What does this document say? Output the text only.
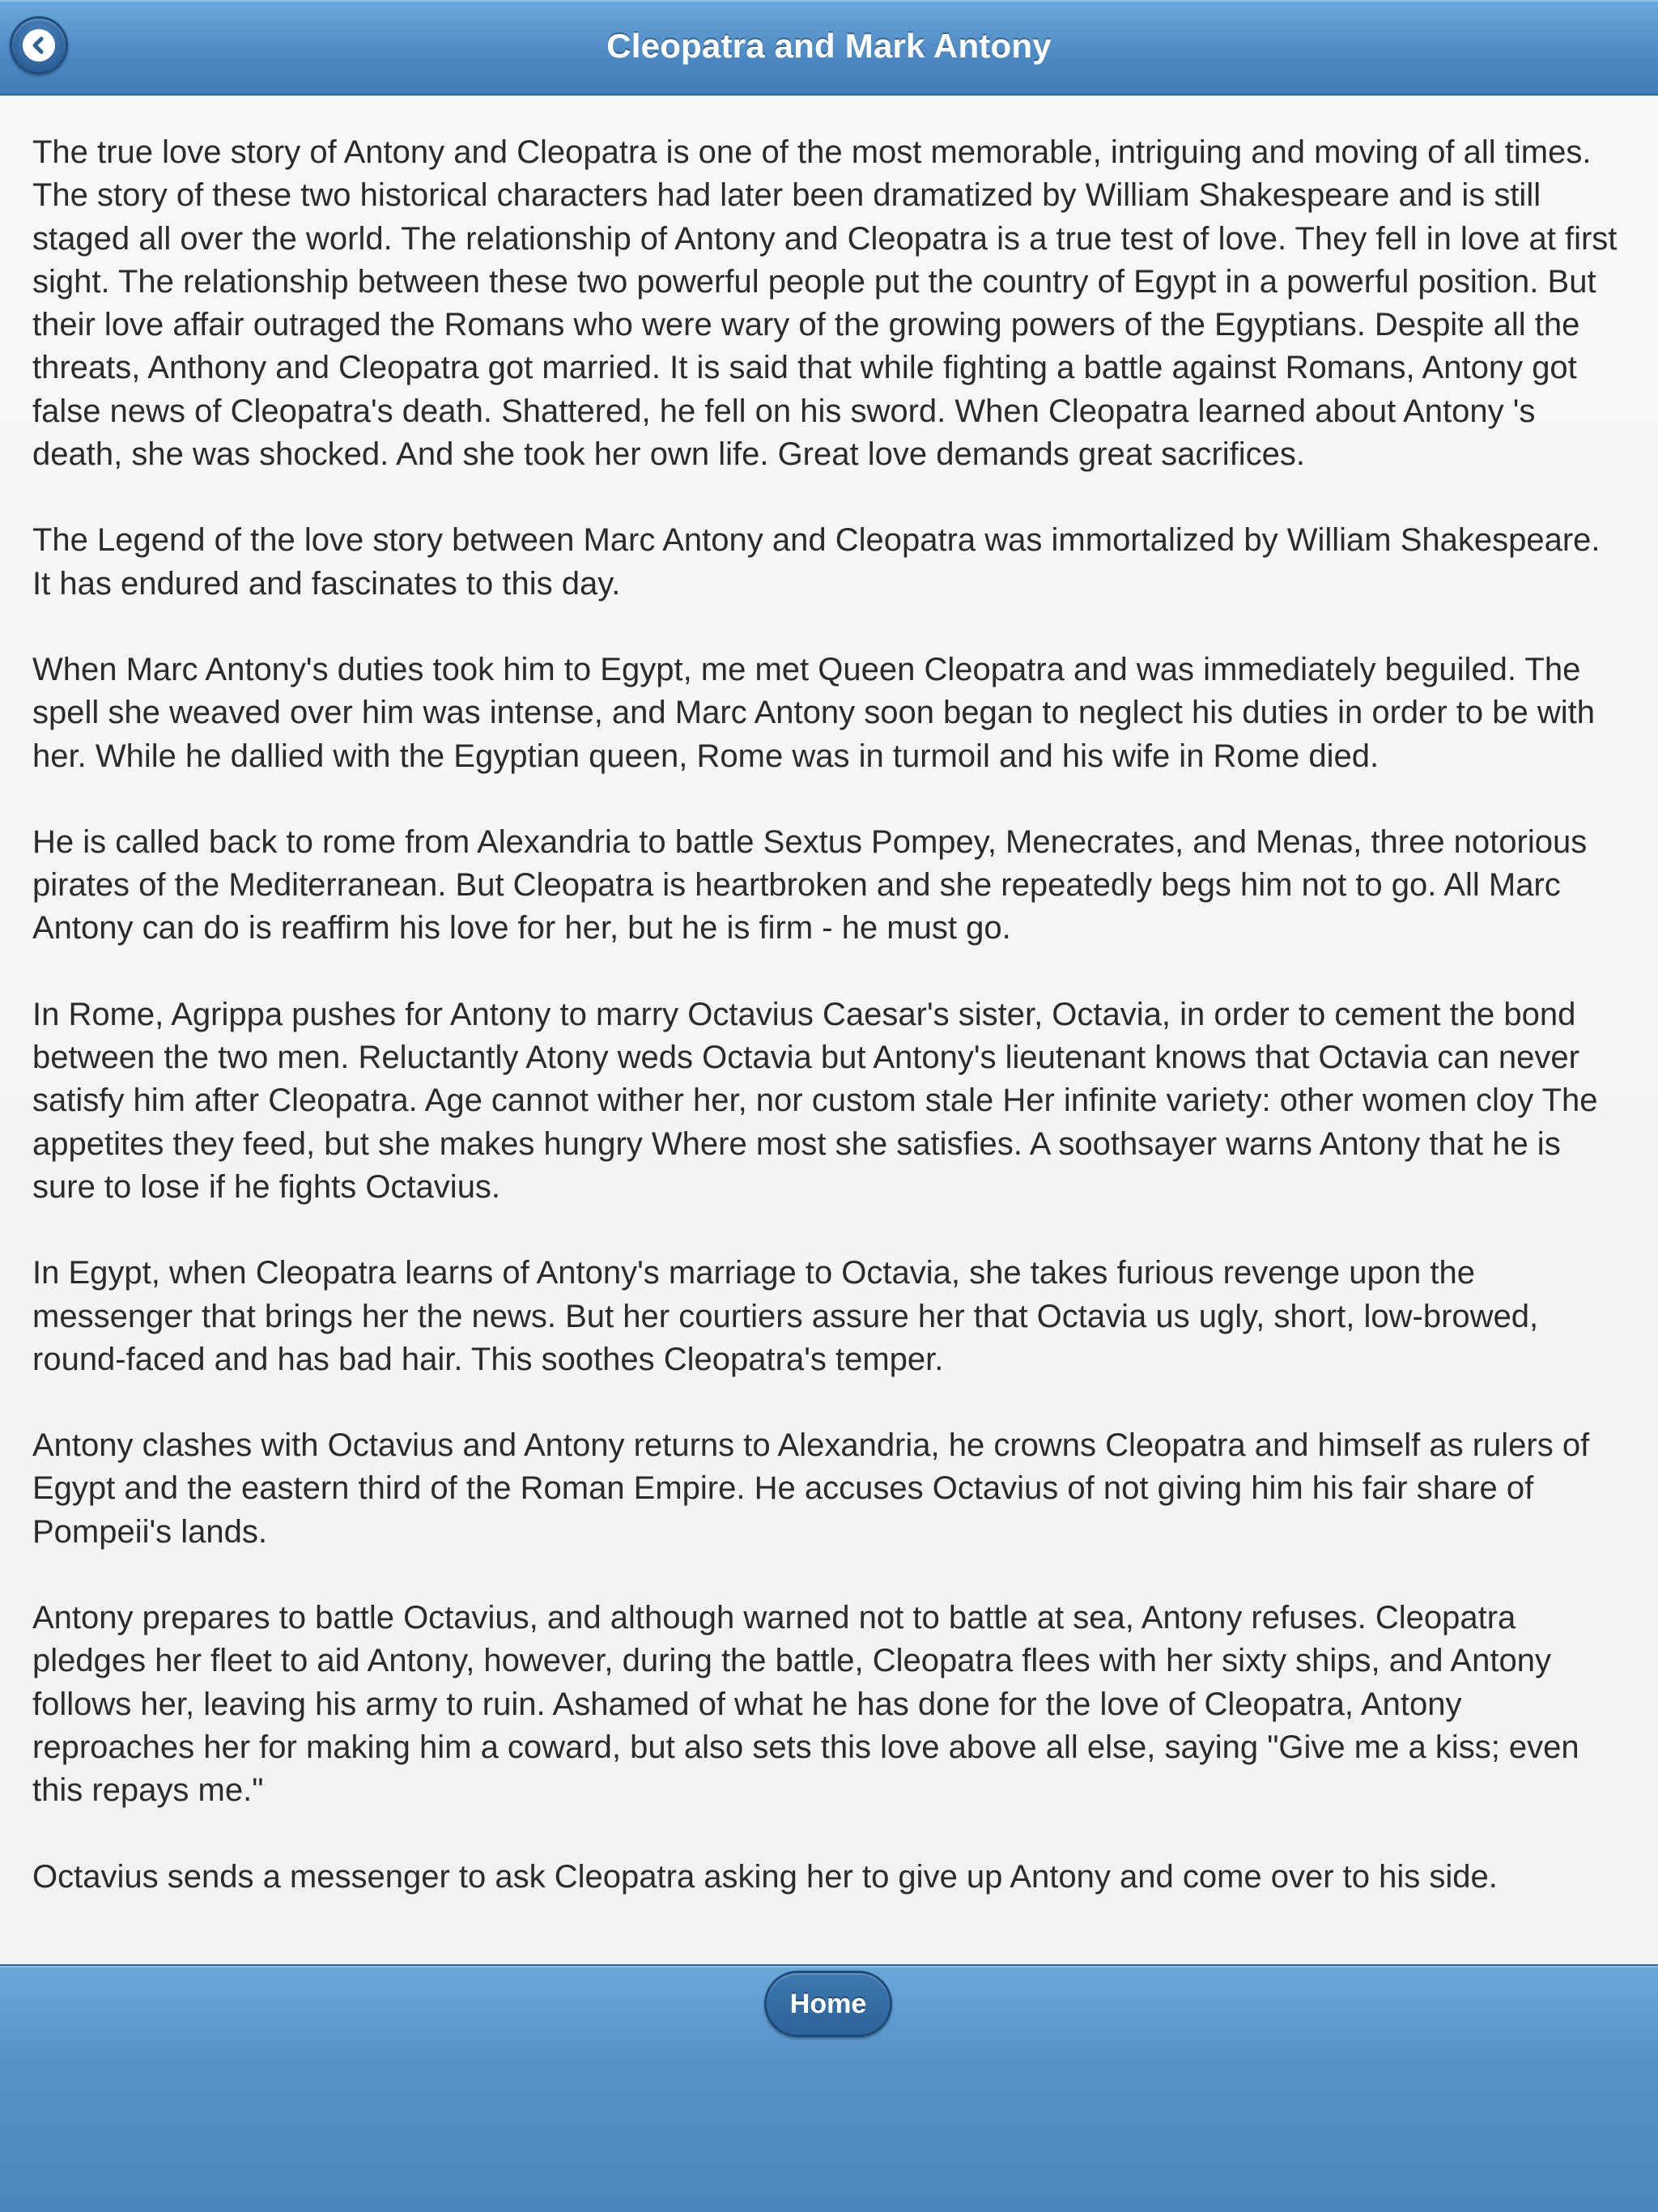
Cleopatra and Mark Antony

The true love story of Antony and Cleopatra is one of the most memorable, intriguing and moving of all times. The story of these two historical characters had later been dramatized by William Shakespeare and is still staged all over the world. The relationship of Antony and Cleopatra is a true test of love. They fell in love at first sight. The relationship between these two powerful people put the country of Egypt in a powerful position. But their love affair outraged the Romans who were wary of the growing powers of the Egyptians. Despite all the threats, Anthony and Cleopatra got married. It is said that while fighting a battle against Romans, Antony got false news of Cleopatra's death. Shattered, he fell on his sword. When Cleopatra learned about Antony 's death, she was shocked. And she took her own life. Great love demands great sacrifices.

The Legend of the love story between Marc Antony and Cleopatra was immortalized by William Shakespeare. It has endured and fascinates to this day.

When Marc Antony's duties took him to Egypt, me met Queen Cleopatra and was immediately beguiled. The spell she weaved over him was intense, and Marc Antony soon began to neglect his duties in order to be with her. While he dallied with the Egyptian queen, Rome was in turmoil and his wife in Rome died.

He is called back to rome from Alexandria to battle Sextus Pompey, Menecrates, and Menas, three notorious pirates of the Mediterranean. But Cleopatra is heartbroken and she repeatedly begs him not to go. All Marc Antony can do is reaffirm his love for her, but he is firm - he must go.

In Rome, Agrippa pushes for Antony to marry Octavius Caesar's sister, Octavia, in order to cement the bond between the two men. Reluctantly Atony weds Octavia but Antony's lieutenant knows that Octavia can never satisfy him after Cleopatra. Age cannot wither her, nor custom stale Her infinite variety: other women cloy The appetites they feed, but she makes hungry Where most she satisfies. A soothsayer warns Antony that he is sure to lose if he fights Octavius.

In Egypt, when Cleopatra learns of Antony's marriage to Octavia, she takes furious revenge upon the messenger that brings her the news. But her courtiers assure her that Octavia us ugly, short, low-browed, round-faced and has bad hair. This soothes Cleopatra's temper.

Antony clashes with Octavius and Antony returns to Alexandria, he crowns Cleopatra and himself as rulers of Egypt and the eastern third of the Roman Empire. He accuses Octavius of not giving him his fair share of Pompeii's lands.

Antony prepares to battle Octavius, and although warned not to battle at sea, Antony refuses. Cleopatra pledges her fleet to aid Antony, however, during the battle, Cleopatra flees with her sixty ships, and Antony follows her, leaving his army to ruin. Ashamed of what he has done for the love of Cleopatra, Antony reproaches her for making him a coward, but also sets this love above all else, saying "Give me a kiss; even this repays me."

Octavius sends a messenger to ask Cleopatra asking her to give up Antony and come over to his side.

Home
